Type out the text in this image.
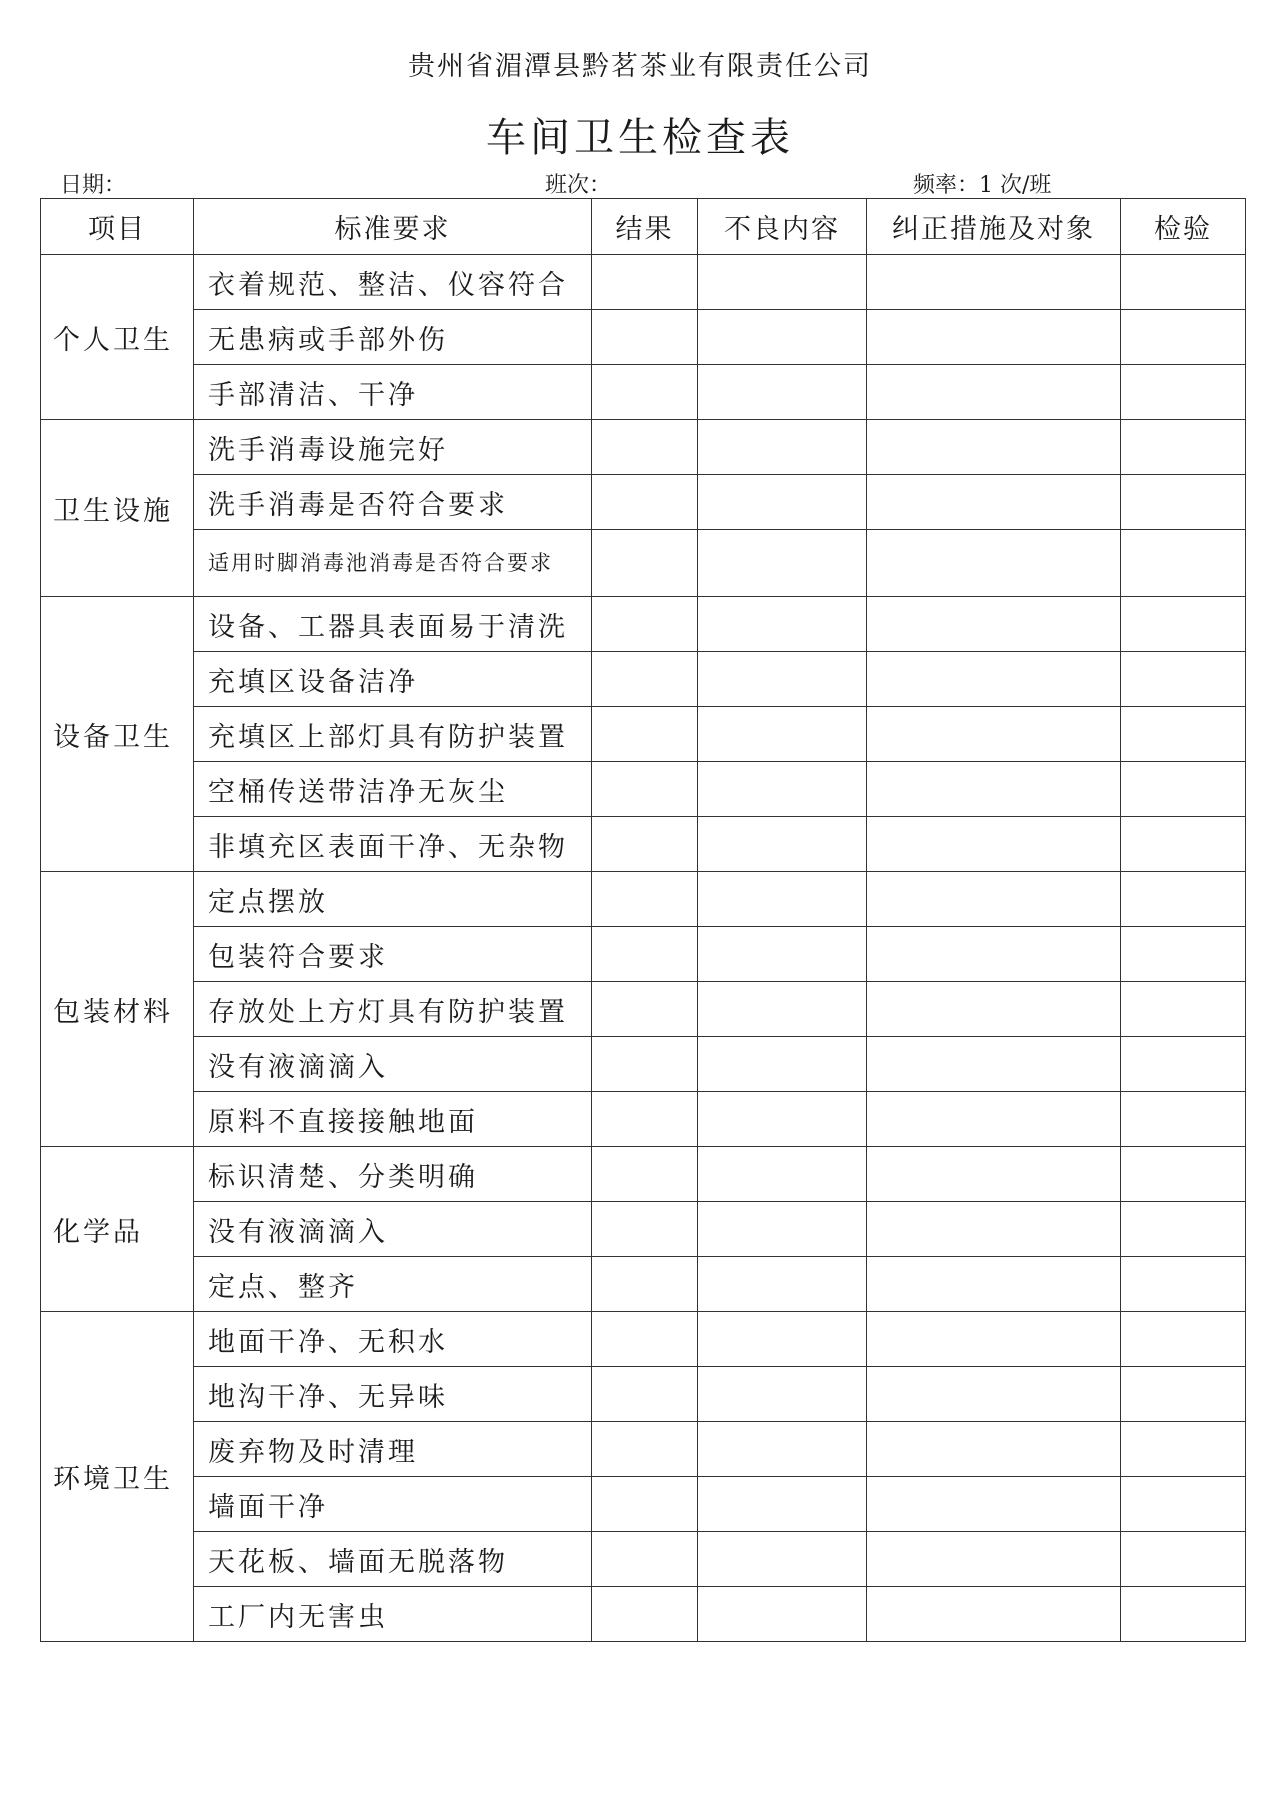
贵州省湄潭县黔茗茶业有限责任公司
车间卫生检查表
日期：	班次：	频率：1 次/班
项目	标准要求	结果	不良内容	纠正措施及对象	检验
个人卫生	衣着规范、整洁、仪容符合				
	无患病或手部外伤				
	手部清洁、干净				
卫生设施	洗手消毒设施完好				
	洗手消毒是否符合要求				
	适用时脚消毒池消毒是否符合要求				
设备卫生	设备、工器具表面易于清洗				
	充填区设备洁净				
	充填区上部灯具有防护装置				
	空桶传送带洁净无灰尘				
	非填充区表面干净、无杂物				
包装材料	定点摆放				
	包装符合要求				
	存放处上方灯具有防护装置				
	没有液滴滴入				
	原料不直接接触地面				
化学品	标识清楚、分类明确				
	没有液滴滴入				
	定点、整齐				
环境卫生	地面干净、无积水				
	地沟干净、无异味				
	废弃物及时清理				
	墙面干净				
	天花板、墙面无脱落物				
	工厂内无害虫				
